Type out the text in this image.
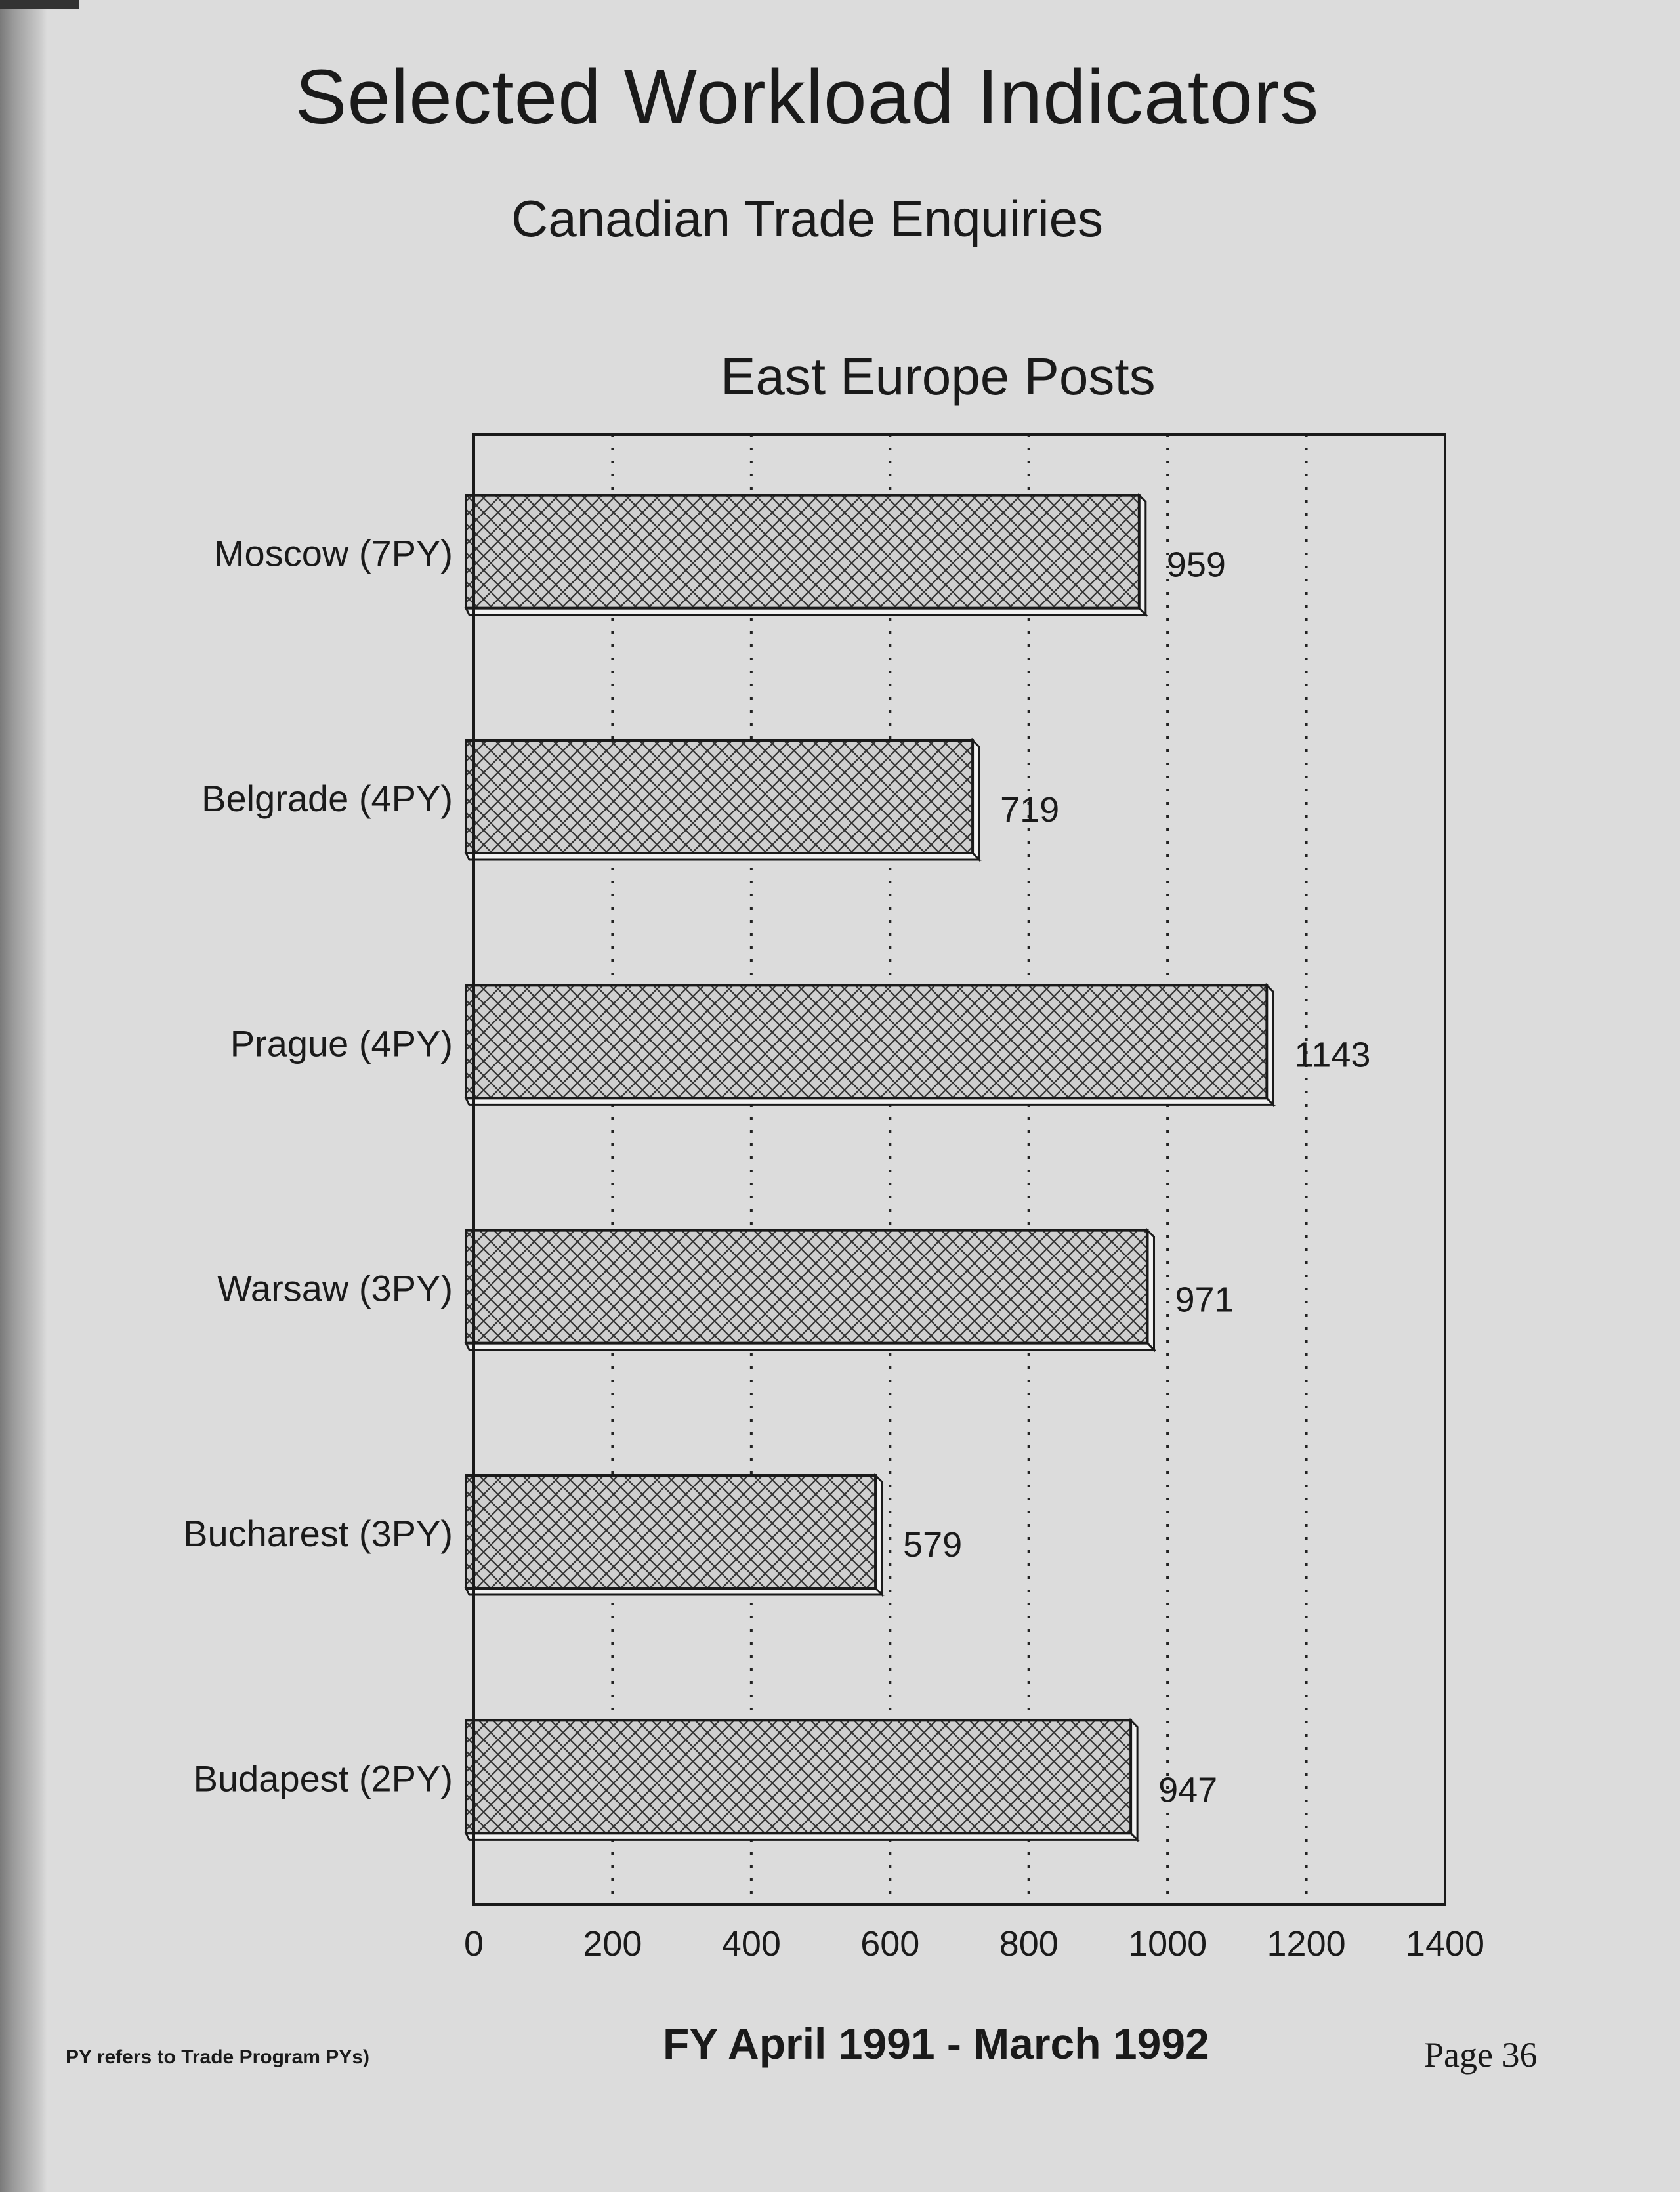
Selected Workload Indicators
Canadian Trade Enquiries
East Europe Posts
Moscow (7PY)	959
Belgrade (4PY)	719
Prague (4PY)	1143
Warsaw (3PY)	971
Bucharest (3PY)	579
Budapest (2PY)	947
0	200 400 600 800 1000 1200 1400
PY refers to Trade Program PYs)	FY April 1991 - March 1992	Page 36
